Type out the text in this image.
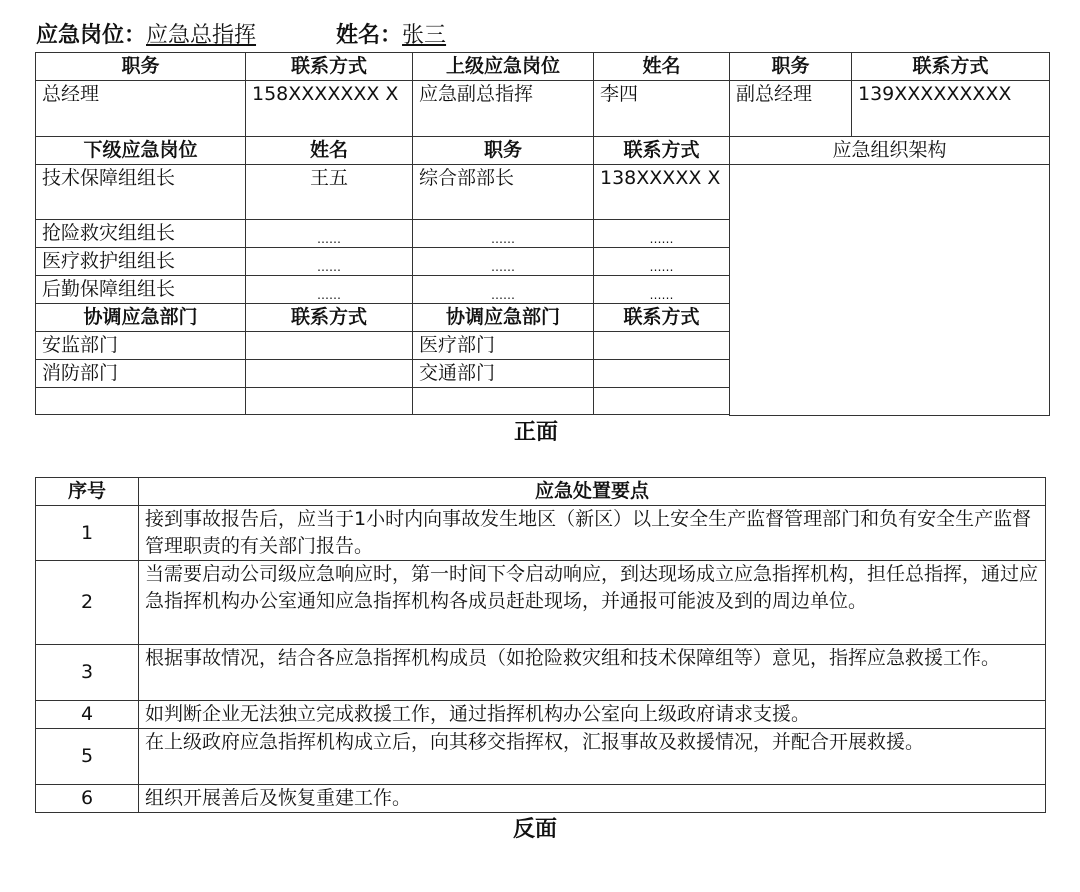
应急岗位：应急总指挥	姓名：张三
职务	联系方式	上级应急岗位	姓名	职务	联系方式
总经理	158XXXXXXX X	应急副总指挥	李四	副总经理	139XXXXXXXXX
下级应急岗位	姓名	职务	联系方式	应急组织架构	
技术保障组组长	王五	综合部部长	138XXXXX X		
抢险救灾组组长	……	……	……		
医疗救护组组长	……	……	……		
后勤保障组组长	……	……	……		
协调应急部门	联系方式	协调应急部门	联系方式		
安监部门		医疗部门			
消防部门		交通部门			

正面
序号	应急处置要点
1	接到事故报告后，应当于1小时内向事故发生地区（新区）以上安全生产监督管理部门和负有安全生产监督管理职责的有关部门报告。
2	当需要启动公司级应急响应时，第一时间下令启动响应，到达现场成立应急指挥机构，担任总指挥，通过应急指挥机构办公室通知应急指挥机构各成员赶赴现场，并通报可能波及到的周边单位。
3	根据事故情况，结合各应急指挥机构成员（如抢险救灾组和技术保障组等）意见，指挥应急救援工作。
4	如判断企业无法独立完成救援工作，通过指挥机构办公室向上级政府请求支援。
5	在上级政府应急指挥机构成立后，向其移交指挥权，汇报事故及救援情况，并配合开展救援。
6	组织开展善后及恢复重建工作。
反面
